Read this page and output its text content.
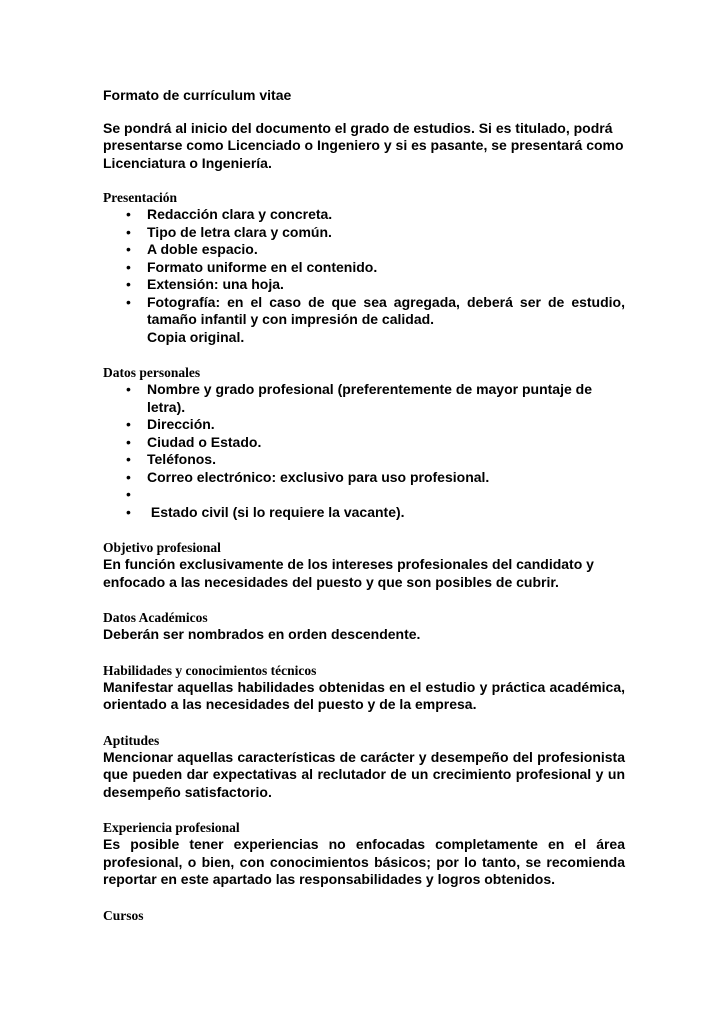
Formato de currículum vitae
Se pondrá al inicio del documento el grado de estudios. Si es titulado, podrá presentarse como Licenciado o Ingeniero y si es pasante, se presentará como Licenciatura o Ingeniería.
Presentación
• Redacción clara y concreta.
• Tipo de letra clara y común.
• A doble espacio.
• Formato uniforme en el contenido.
• Extensión: una hoja.
• Fotografía: en el caso de que sea agregada, deberá ser de estudio, tamaño infantil y con impresión de calidad.
Copia original.
Datos personales
• Nombre y grado profesional (preferentemente de mayor puntaje de letra).
• Dirección.
• Ciudad o Estado.
• Teléfonos.
• Correo electrónico: exclusivo para uso profesional.
•
• Estado civil (si lo requiere la vacante).
Objetivo profesional
En función exclusivamente de los intereses profesionales del candidato y enfocado a las necesidades del puesto y que son posibles de cubrir.
Datos Académicos
Deberán ser nombrados en orden descendente.
Habilidades y conocimientos técnicos
Manifestar aquellas habilidades obtenidas en el estudio y práctica académica, orientado a las necesidades del puesto y de la empresa.
Aptitudes
Mencionar aquellas características de carácter y desempeño del profesionista que pueden dar expectativas al reclutador de un crecimiento profesional y un desempeño satisfactorio.
Experiencia profesional
Es posible tener experiencias no enfocadas completamente en el área profesional, o bien, con conocimientos básicos; por lo tanto, se recomienda reportar en este apartado las responsabilidades y logros obtenidos.
Cursos
